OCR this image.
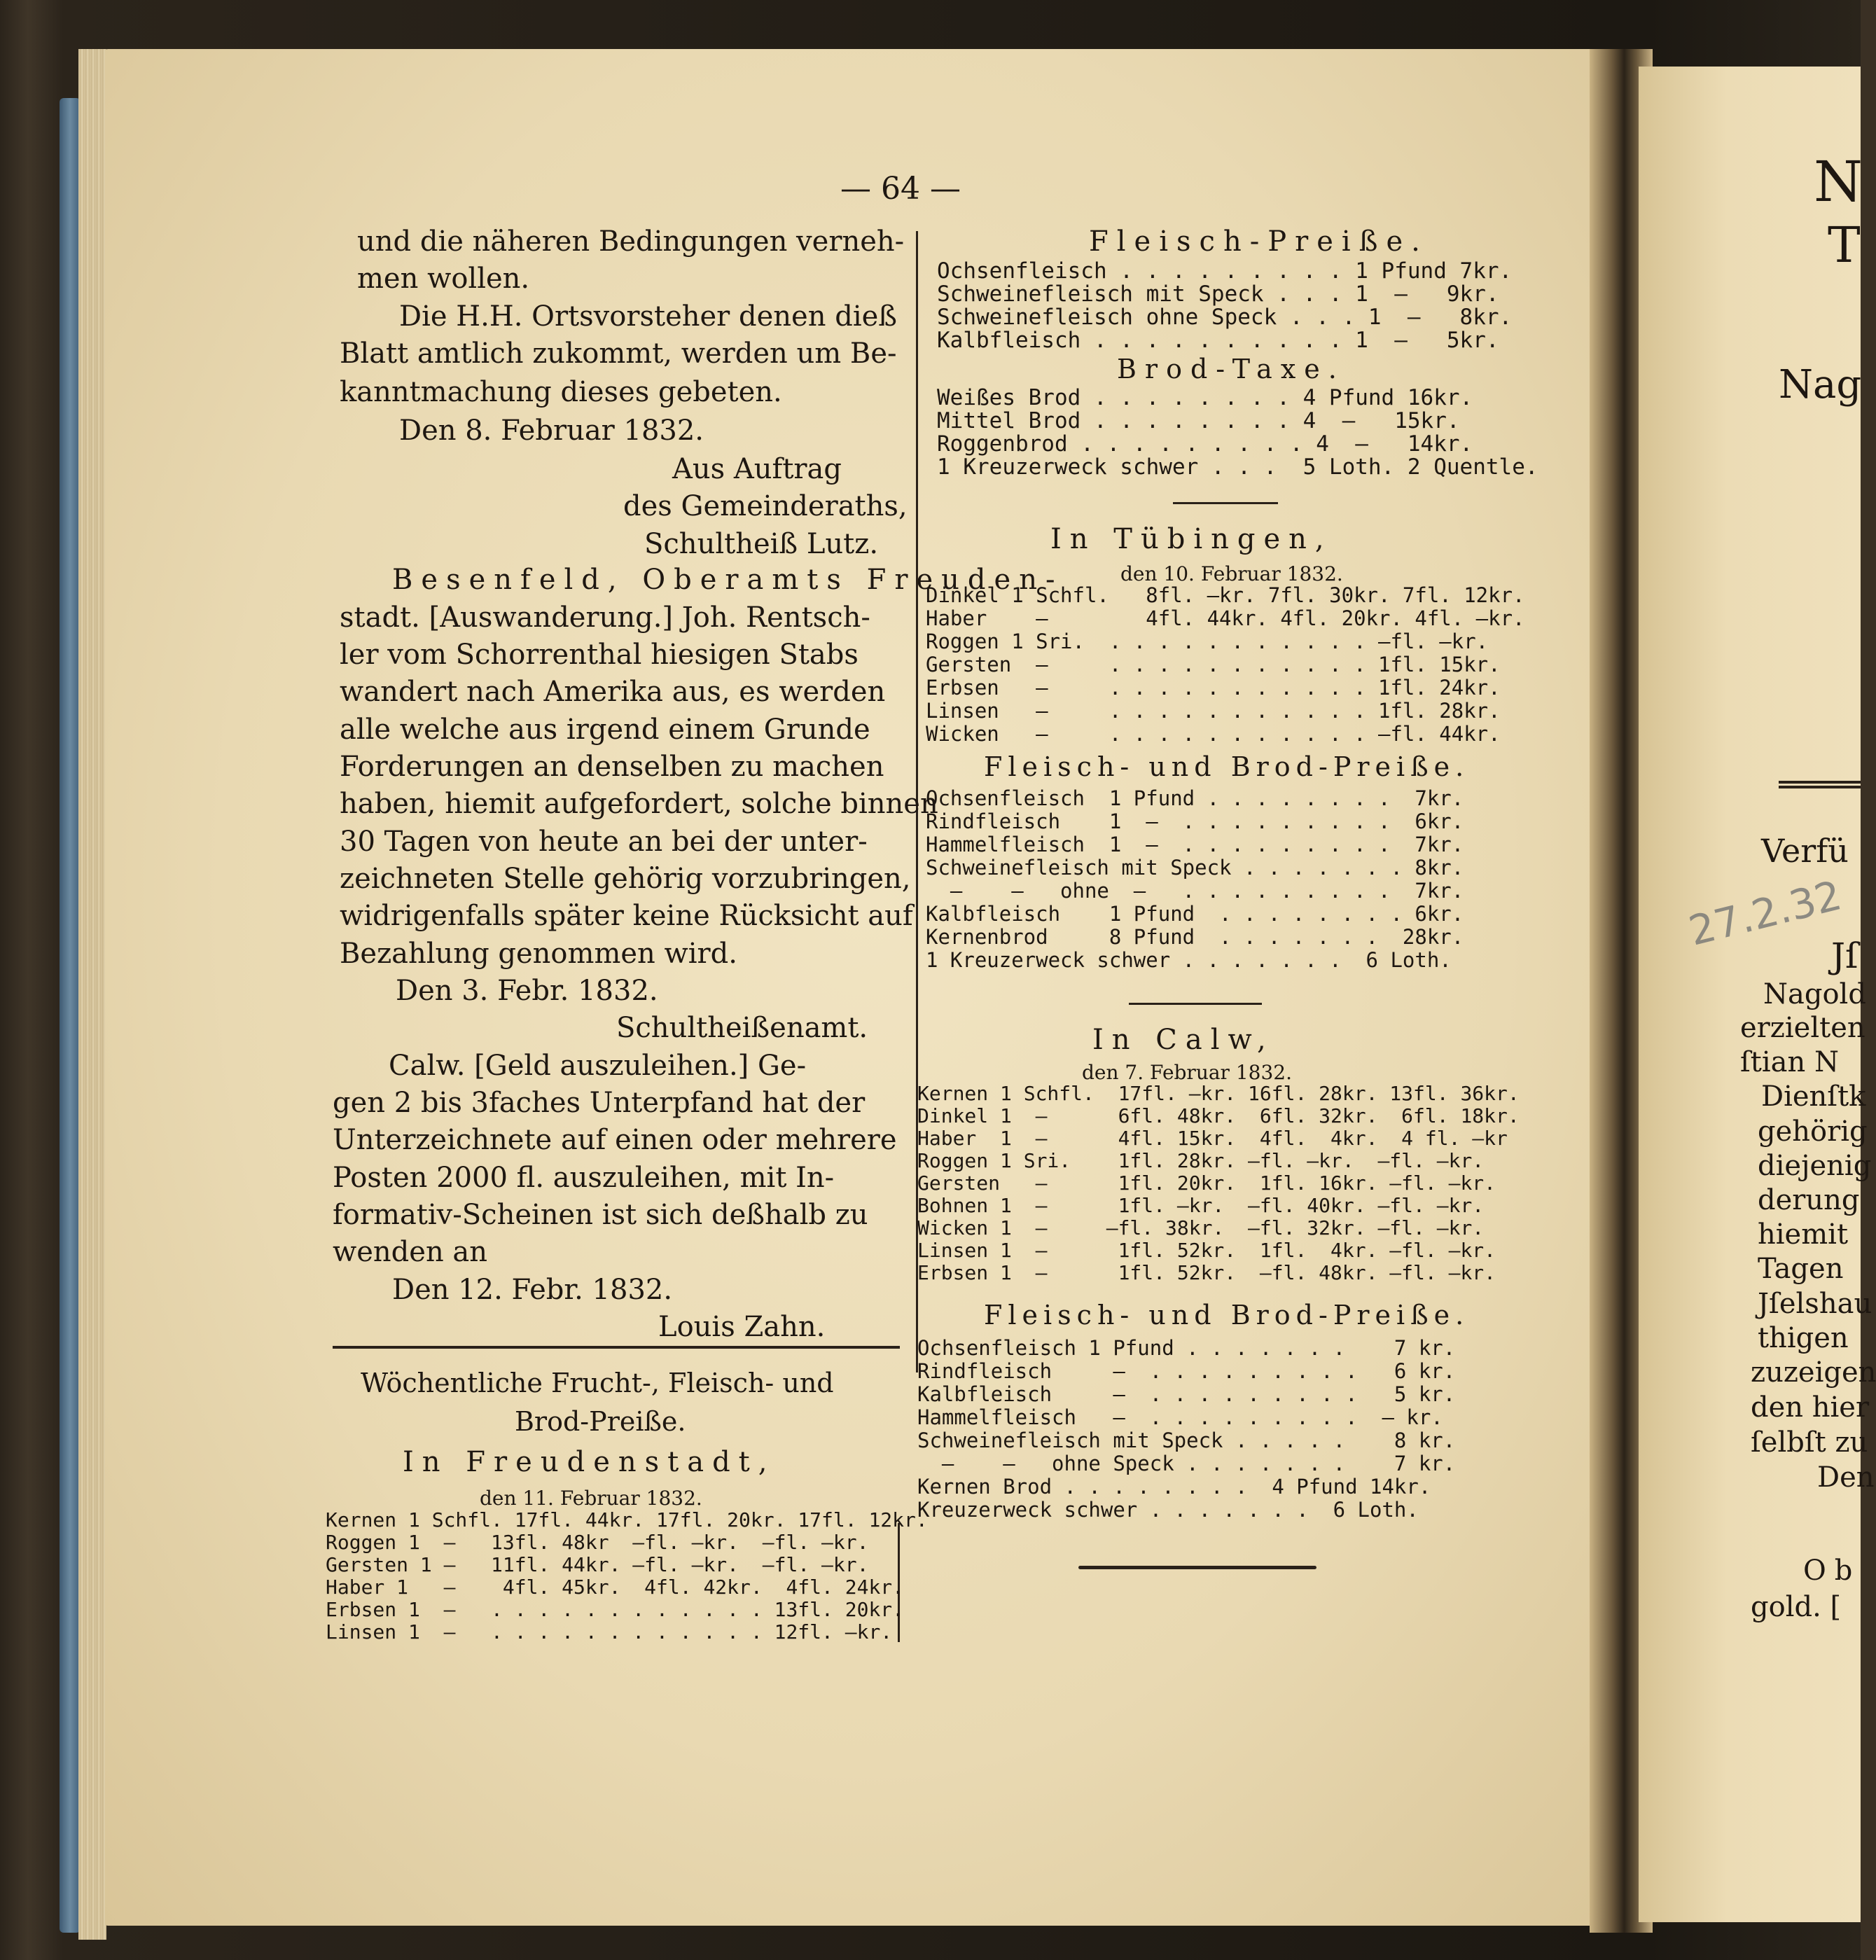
— 64 —
und die näheren Bedingungen verneh-
men wollen.
Die H.H. Ortsvorsteher denen dieß
Blatt amtlich zukommt, werden um Be-
kanntmachung dieses gebeten.
Den 8. Februar 1832.
Aus Auftrag
des Gemeinderaths,
Schultheiß Lutz.
Besenfeld, Oberamts Freuden-
stadt. [Auswanderung.] Joh. Rentsch-
ler vom Schorrenthal hiesigen Stabs
wandert nach Amerika aus, es werden
alle welche aus irgend einem Grunde
Forderungen an denselben zu machen
haben, hiemit aufgefordert, solche binnen
30 Tagen von heute an bei der unter-
zeichneten Stelle gehörig vorzubringen,
widrigenfalls später keine Rücksicht auf
Bezahlung genommen wird.
Den 3. Febr. 1832.
Schultheißenamt.
Calw. [Geld auszuleihen.] Ge-
gen 2 bis 3faches Unterpfand hat der
Unterzeichnete auf einen oder mehrere
Posten 2000 fl. auszuleihen, mit In-
formativ-Scheinen ist sich deßhalb zu
wenden an
Den 12. Febr. 1832.
Louis Zahn.
Wöchentliche Frucht-, Fleisch- und
Brod-Preiße.
In Freudenstadt,
den 11. Februar 1832.
Kernen 1 Schfl. 17fl. 44kr. 17fl. 20kr. 17fl. 12kr.
Roggen 1  —   13fl. 48kr  —fl. —kr.  —fl. —kr.
Gersten 1 —   11fl. 44kr. —fl. —kr.  —fl. —kr.
Haber 1   —    4fl. 45kr.  4fl. 42kr.  4fl. 24kr.
Erbsen 1  —   . . . . . . . . . . . . 13fl. 20kr.
Linsen 1  —   . . . . . . . . . . . . 12fl. —kr.
Fleisch-Preiße.
Ochsenfleisch . . . . . . . . . 1 Pfund 7kr.
Schweinefleisch mit Speck . . . 1  —   9kr.
Schweinefleisch ohne Speck . . . 1  —   8kr.
Kalbfleisch . . . . . . . . . . 1  —   5kr.
Brod-Taxe.
Weißes Brod . . . . . . . . 4 Pfund 16kr.
Mittel Brod . . . . . . . . 4  —   15kr.
Roggenbrod . . . . . . . . . 4  —   14kr.
1 Kreuzerweck schwer . . .  5 Loth. 2 Quentle.
In Tübingen,
den 10. Februar 1832.
Dinkel 1 Schfl.   8fl. —kr. 7fl. 30kr. 7fl. 12kr.
Haber    —        4fl. 44kr. 4fl. 20kr. 4fl. —kr.
Roggen 1 Sri.  . . . . . . . . . . . —fl. —kr.
Gersten  —     . . . . . . . . . . . 1fl. 15kr.
Erbsen   —     . . . . . . . . . . . 1fl. 24kr.
Linsen   —     . . . . . . . . . . . 1fl. 28kr.
Wicken   —     . . . . . . . . . . . —fl. 44kr.
Fleisch- und Brod-Preiße.
Ochsenfleisch  1 Pfund . . . . . . . .  7kr.
Rindfleisch    1  —  . . . . . . . . .  6kr.
Hammelfleisch  1  —  . . . . . . . . .  7kr.
Schweinefleisch mit Speck . . . . . . . 8kr.
—    —   ohne  —   . . . . . . . . .  7kr.
Kalbfleisch    1 Pfund  . . . . . . . . 6kr.
Kernenbrod     8 Pfund  . . . . . . .  28kr.
1 Kreuzerweck schwer . . . . . . .  6 Loth.
In Calw,
den 7. Februar 1832.
Kernen 1 Schfl.  17fl. —kr. 16fl. 28kr. 13fl. 36kr.
Dinkel 1  —      6fl. 48kr.  6fl. 32kr.  6fl. 18kr.
Haber  1  —      4fl. 15kr.  4fl.  4kr.  4 fl. —kr
Roggen 1 Sri.    1fl. 28kr. —fl. —kr.  —fl. —kr.
Gersten   —      1fl. 20kr.  1fl. 16kr. —fl. —kr.
Bohnen 1  —      1fl. —kr.  —fl. 40kr. —fl. —kr.
Wicken 1  —     —fl. 38kr.  —fl. 32kr. —fl. —kr.
Linsen 1  —      1fl. 52kr.  1fl.  4kr. —fl. —kr.
Erbsen 1  —      1fl. 52kr.  —fl. 48kr. —fl. —kr.
Fleisch- und Brod-Preiße.
Ochsenfleisch 1 Pfund . . . . . . .    7 kr.
Rindfleisch     —  . . . . . . . . .   6 kr.
Kalbfleisch     —  . . . . . . . . .   5 kr.
Hammelfleisch   —  . . . . . . . . .  — kr.
Schweinefleisch mit Speck . . . . .    8 kr.
—    —   ohne Speck . . . . . . .    7 kr.
Kernen Brod . . . . . . . .  4 Pfund 14kr.
Kreuzerweck schwer . . . . . . .  6 Loth.
27.2.32
N
T
Nag
Verfü
Jſ
Nagold
erzielten
ſtian N
Dienſtk
gehörig
diejenig
derung
hiemit
Tagen
Jſelshau
thigen
zuzeigen
den hier
ſelbſt zu
Den
Ob
gold. [
